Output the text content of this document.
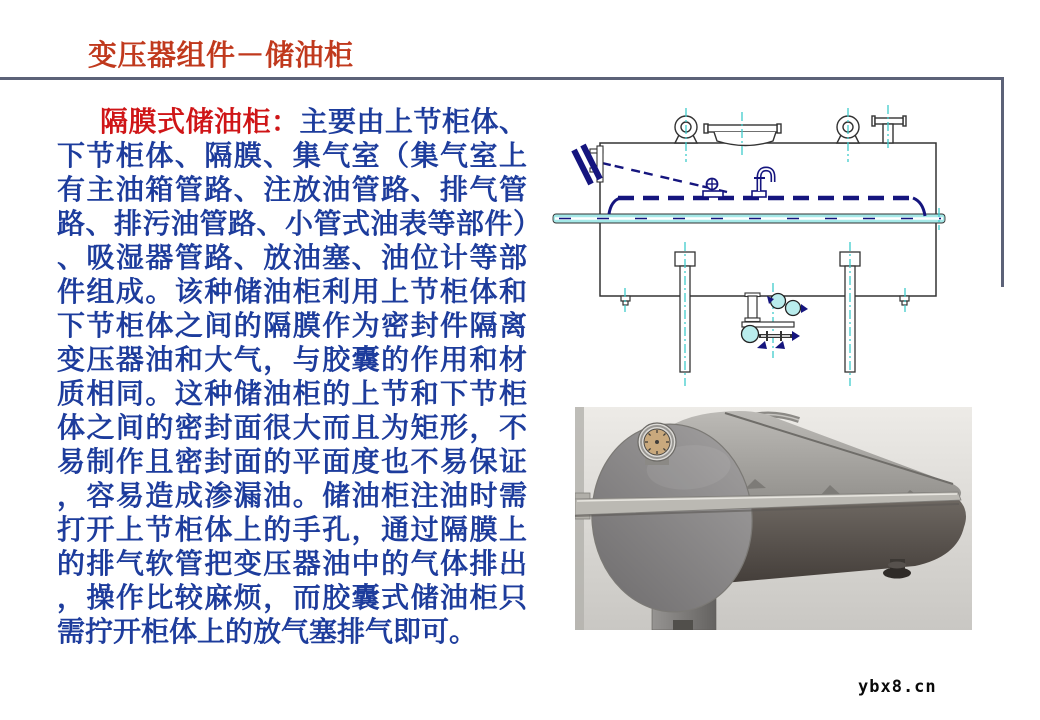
变压器组件－储油柜
隔膜式储油柜：主要由上节柜体、下节柜体、隔膜、集气室（集气室上有主油箱管路、注放油管路、排气管路、排污油管路、小管式油表等部件）、吸湿器管路、放油塞、油位计等部件组成。该种储油柜利用上节柜体和下节柜体之间的隔膜作为密封件隔离变压器油和大气，与胶囊的作用和材质相同。这种储油柜的上节和下节柜体之间的密封面很大而且为矩形，不易制作且密封面的平面度也不易保证，容易造成渗漏油。储油柜注油时需打开上节柜体上的手孔，通过隔膜上的排气软管把变压器油中的气体排出，操作比较麻烦，而胶囊式储油柜只需拧开柜体上的放气塞排气即可。
ybx8.cn
